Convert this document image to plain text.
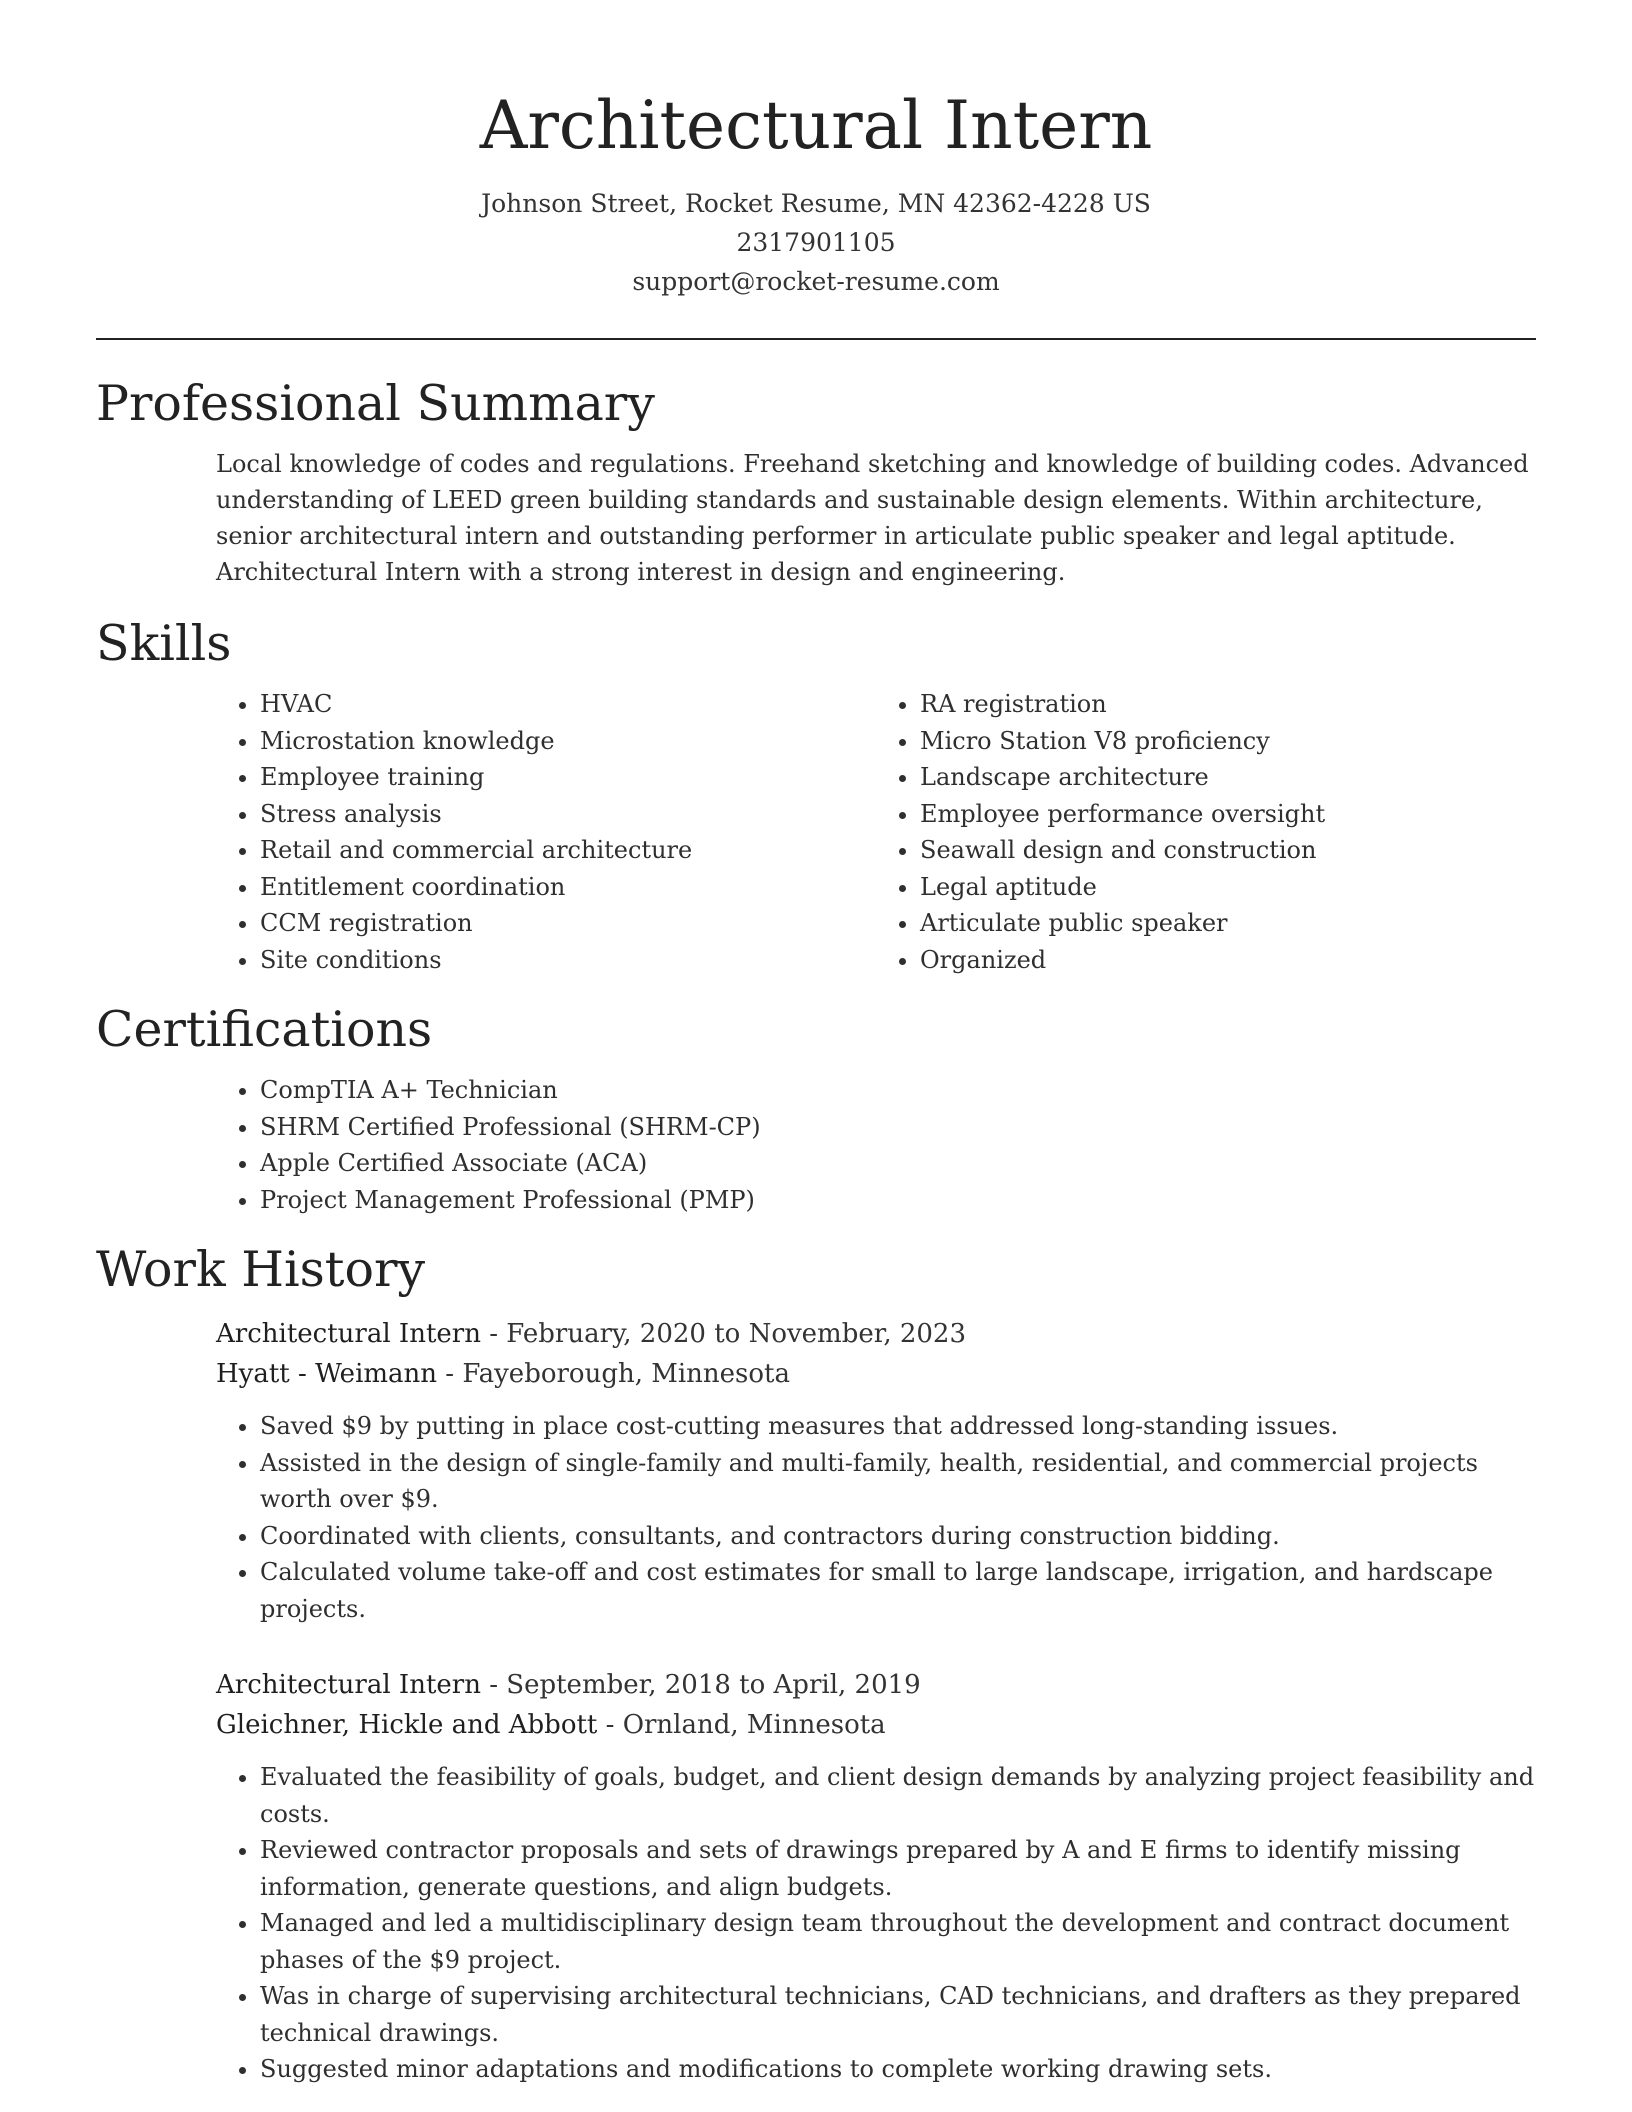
Architectural Intern
Johnson Street, Rocket Resume, MN 42362-4228 US
2317901105
support@rocket-resume.com
Professional Summary
Local knowledge of codes and regulations. Freehand sketching and knowledge of building codes. Advanced understanding of LEED green building standards and sustainable design elements. Within architecture, senior architectural intern and outstanding performer in articulate public speaker and legal aptitude. Architectural Intern with a strong interest in design and engineering.
Skills
• HVAC
• Microstation knowledge
• Employee training
• Stress analysis
• Retail and commercial architecture
• Entitlement coordination
• CCM registration
• Site conditions
• RA registration
• Micro Station V8 proficiency
• Landscape architecture
• Employee performance oversight
• Seawall design and construction
• Legal aptitude
• Articulate public speaker
• Organized
Certifications
• CompTIA A+ Technician
• SHRM Certified Professional (SHRM-CP)
• Apple Certified Associate (ACA)
• Project Management Professional (PMP)
Work History
Architectural Intern - February, 2020 to November, 2023
Hyatt - Weimann - Fayeborough, Minnesota
• Saved $9 by putting in place cost-cutting measures that addressed long-standing issues.
• Assisted in the design of single-family and multi-family, health, residential, and commercial projects worth over $9.
• Coordinated with clients, consultants, and contractors during construction bidding.
• Calculated volume take-off and cost estimates for small to large landscape, irrigation, and hardscape projects.
Architectural Intern - September, 2018 to April, 2019
Gleichner, Hickle and Abbott - Ornland, Minnesota
• Evaluated the feasibility of goals, budget, and client design demands by analyzing project feasibility and costs.
• Reviewed contractor proposals and sets of drawings prepared by A and E firms to identify missing information, generate questions, and align budgets.
• Managed and led a multidisciplinary design team throughout the development and contract document phases of the $9 project.
• Was in charge of supervising architectural technicians, CAD technicians, and drafters as they prepared technical drawings.
• Suggested minor adaptations and modifications to complete working drawing sets.
